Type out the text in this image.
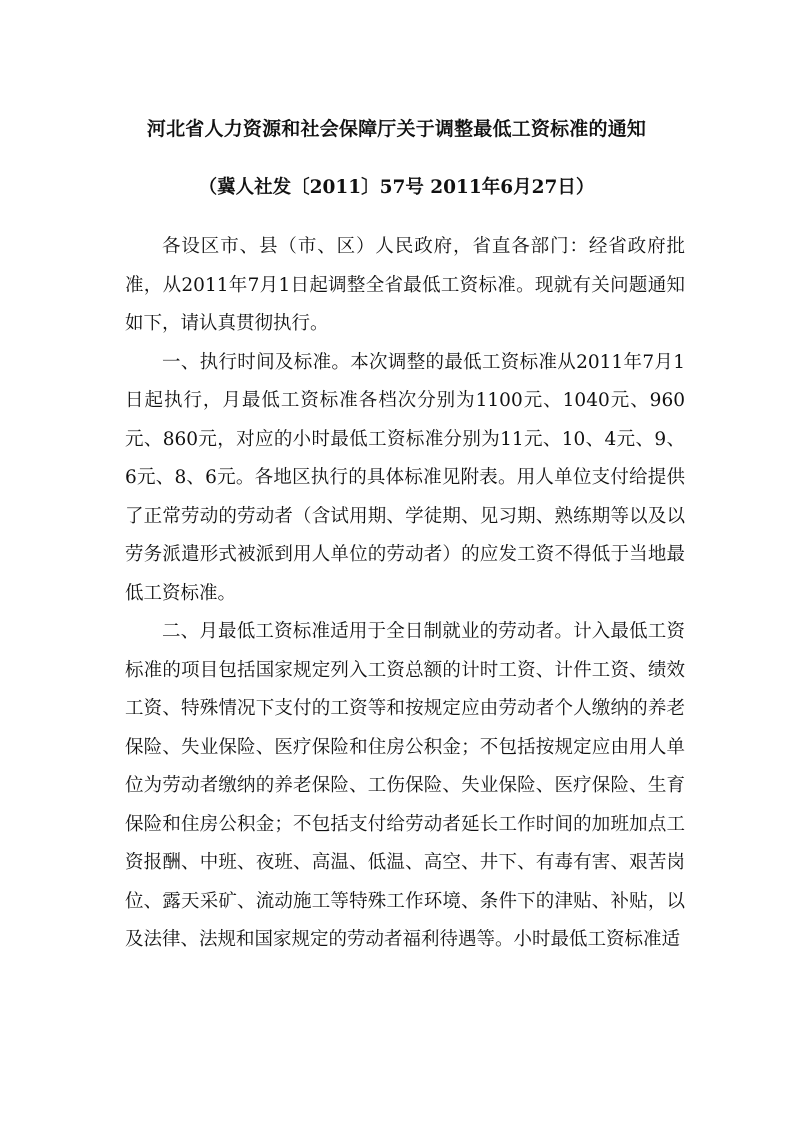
河北省人力资源和社会保障厅关于调整最低工资标准的通知
（冀人社发〔2011〕57号 2011年6月27日）

各设区市、县（市、区）人民政府，省直各部门：经省政府批准，从2011年7月1日起调整全省最低工资标准。现就有关问题通知如下，请认真贯彻执行。

一、执行时间及标准。本次调整的最低工资标准从2011年7月1日起执行，月最低工资标准各档次分别为1100元、1040元、960元、860元，对应的小时最低工资标准分别为11元、10、4元、9、6元、8、6元。各地区执行的具体标准见附表。用人单位支付给提供了正常劳动的劳动者（含试用期、学徒期、见习期、熟练期等以及以劳务派遣形式被派到用人单位的劳动者）的应发工资不得低于当地最低工资标准。

二、月最低工资标准适用于全日制就业的劳动者。计入最低工资标准的项目包括国家规定列入工资总额的计时工资、计件工资、绩效工资、特殊情况下支付的工资等和按规定应由劳动者个人缴纳的养老保险、失业保险、医疗保险和住房公积金；不包括按规定应由用人单位为劳动者缴纳的养老保险、工伤保险、失业保险、医疗保险、生育保险和住房公积金；不包括支付给劳动者延长工作时间的加班加点工资报酬、中班、夜班、高温、低温、高空、井下、有毒有害、艰苦岗位、露天采矿、流动施工等特殊工作环境、条件下的津贴、补贴，以及法律、法规和国家规定的劳动者福利待遇等。小时最低工资标准适
